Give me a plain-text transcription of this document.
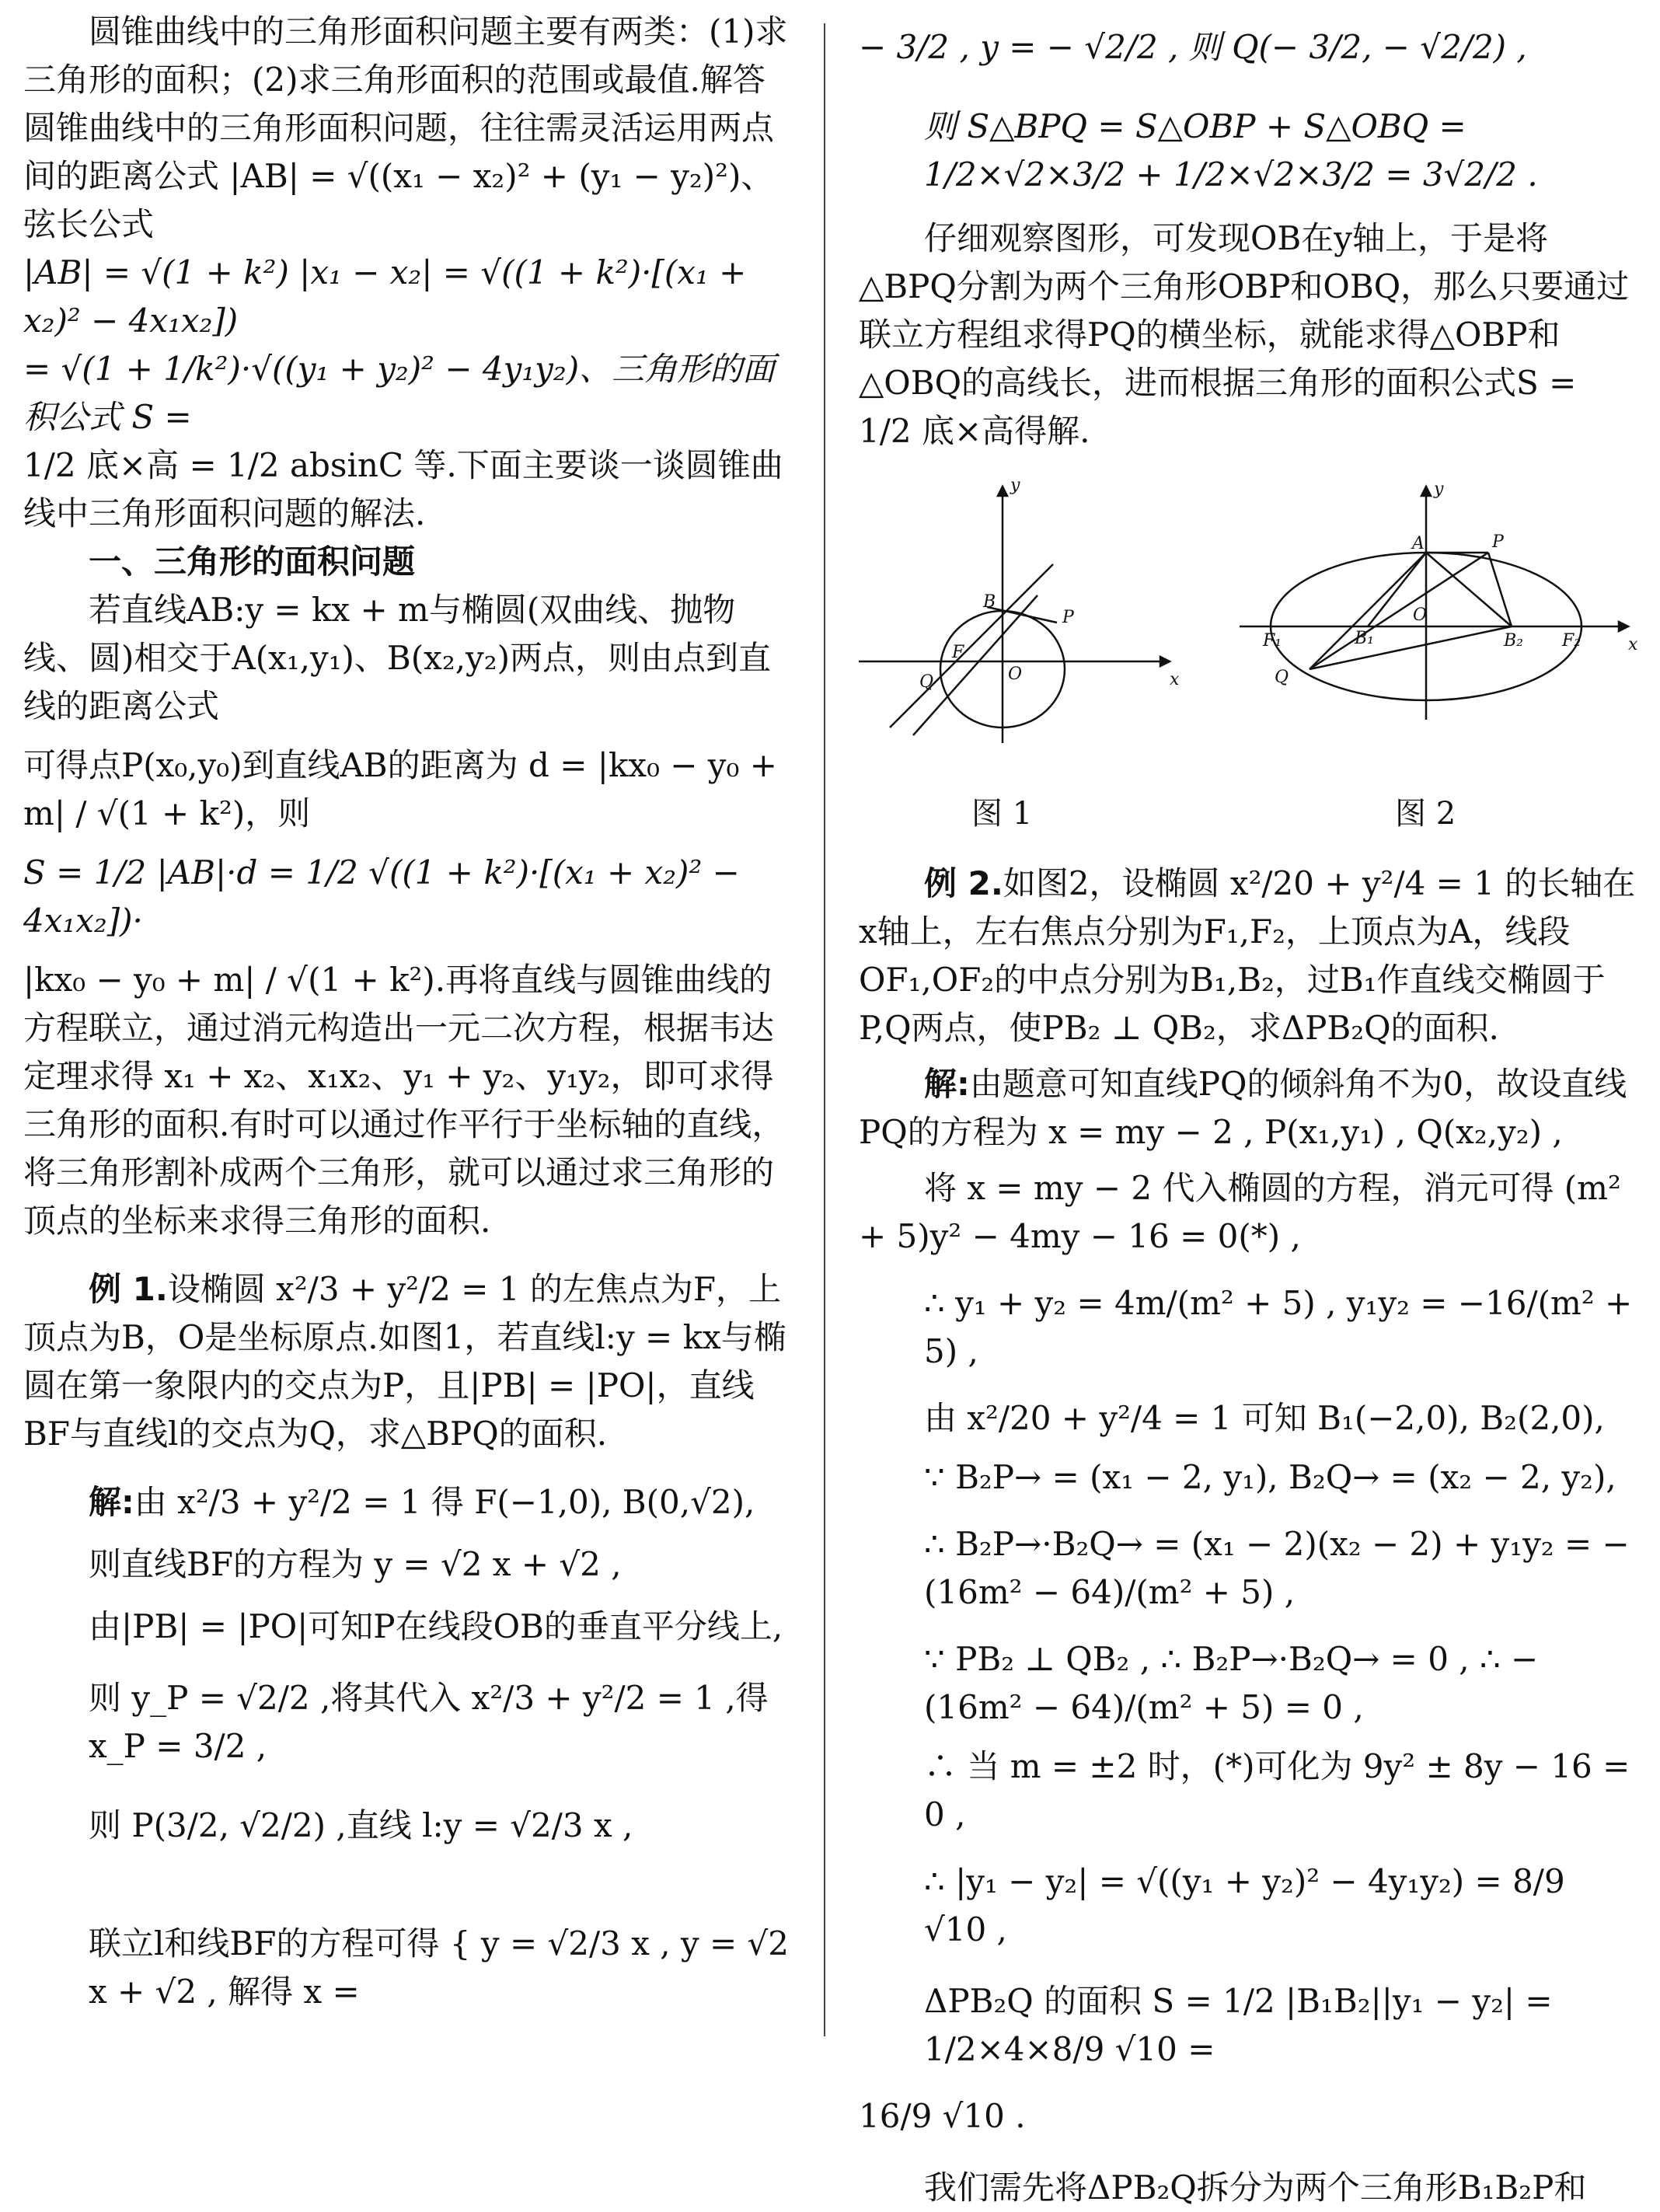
圆锥曲线中的三角形面积问题主要有两类：(1)求三角形的面积；(2)求三角形面积的范围或最值.解答圆锥曲线中的三角形面积问题，往往需灵活运用两点间的距离公式 |AB| = √((x₁ − x₂)² + (y₁ − y₂)²)、弦长公式

|AB| = √(1 + k²) |x₁ − x₂| = √((1 + k²)·[(x₁ + x₂)² − 4x₁x₂])

= √(1 + 1/k²)·√((y₁ + y₂)² − 4y₁y₂)、三角形的面积公式 S =

1/2 底×高 = 1/2 absinC 等.下面主要谈一谈圆锥曲线中三角形面积问题的解法.

一、三角形的面积问题

若直线AB:y = kx + m与椭圆(双曲线、抛物线、圆)相交于A(x₁,y₁)、B(x₂,y₂)两点，则由点到直线的距离公式

可得点P(x₀,y₀)到直线AB的距离为 d = |kx₀ − y₀ + m| / √(1 + k²)，则

S = 1/2 |AB|·d = 1/2 √((1 + k²)·[(x₁ + x₂)² − 4x₁x₂])·

|kx₀ − y₀ + m| / √(1 + k²).再将直线与圆锥曲线的方程联立，通过消元构造出一元二次方程，根据韦达定理求得 x₁ + x₂、x₁x₂、y₁ + y₂、y₁y₂，即可求得三角形的面积.有时可以通过作平行于坐标轴的直线，将三角形割补成两个三角形，就可以通过求三角形的顶点的坐标来求得三角形的面积.

例 1.设椭圆 x²/3 + y²/2 = 1 的左焦点为F，上顶点为B，O是坐标原点.如图1，若直线l:y = kx与椭圆在第一象限内的交点为P，且|PB| = |PO|，直线BF与直线l的交点为Q，求△BPQ的面积.

解:由 x²/3 + y²/2 = 1 得 F(−1,0), B(0,√2),

则直线BF的方程为 y = √2 x + √2 ,

由|PB| = |PO|可知P在线段OB的垂直平分线上,

则 y_P = √2/2 ,将其代入 x²/3 + y²/2 = 1 ,得 x_P = 3/2 ,

则 P(3/2, √2/2) ,直线 l:y = √2/3 x ,

联立l和线BF的方程可得 { y = √2/3 x , y = √2 x + √2 , 解得 x =

− 3/2 , y = − √2/2 , 则 Q(− 3/2, − √2/2) ,

则 S△BPQ = S△OBP + S△OBQ = 1/2×√2×3/2 + 1/2×√2×3/2 = 3√2/2 .

仔细观察图形，可发现OB在y轴上，于是将△BPQ分割为两个三角形OBP和OBQ，那么只要通过联立方程组求得PQ的横坐标，就能求得△OBP和△OBQ的高线长，进而根据三角形的面积公式S = 1/2 底×高得解.

y
x
B
P
F
O
Q
y
x
A	P
O
F₁	B₁	B₂ F₂
Q
图 1	图 2

例 2.如图2，设椭圆 x²/20 + y²/4 = 1 的长轴在x轴上，左右焦点分别为F₁,F₂，上顶点为A，线段OF₁,OF₂的中点分别为B₁,B₂，过B₁作直线交椭圆于P,Q两点，使PB₂ ⊥ QB₂，求ΔPB₂Q的面积.

解:由题意可知直线PQ的倾斜角不为0，故设直线PQ的方程为 x = my − 2 , P(x₁,y₁) , Q(x₂,y₂) ,

将 x = my − 2 代入椭圆的方程，消元可得 (m² + 5)y² − 4my − 16 = 0(*) ,

∴ y₁ + y₂ = 4m/(m² + 5) , y₁y₂ = −16/(m² + 5) ,

由 x²/20 + y²/4 = 1 可知 B₁(−2,0), B₂(2,0),

∵ B₂P→ = (x₁ − 2, y₁), B₂Q→ = (x₂ − 2, y₂),

∴ B₂P→·B₂Q→ = (x₁ − 2)(x₂ − 2) + y₁y₂ = − (16m² − 64)/(m² + 5) ,

∵ PB₂ ⊥ QB₂ , ∴ B₂P→·B₂Q→ = 0 , ∴ − (16m² − 64)/(m² + 5) = 0 ,

∴ 当 m = ±2 时，(*)可化为 9y² ± 8y − 16 = 0 ,

∴ |y₁ − y₂| = √((y₁ + y₂)² − 4y₁y₂) = 8/9 √10 ,

ΔPB₂Q 的面积 S = 1/2 |B₁B₂||y₁ − y₂| = 1/2×4×8/9 √10 =

16/9 √10 .

我们需先将ΔPB₂Q拆分为两个三角形B₁B₂P和
